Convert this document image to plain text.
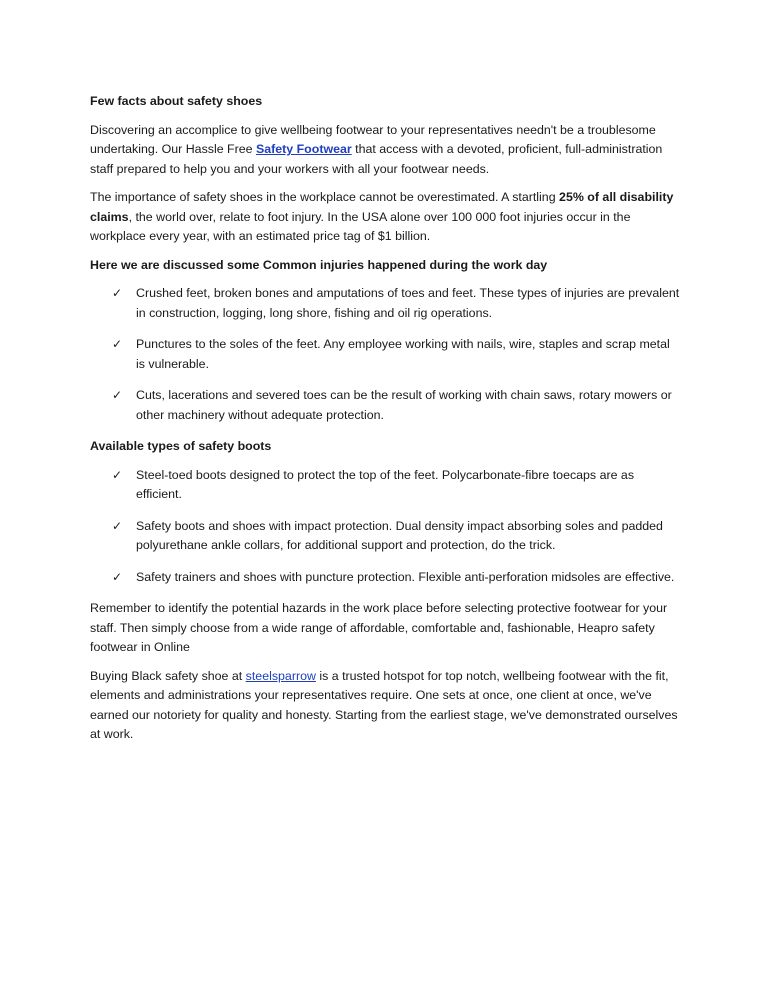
Few facts about safety shoes

Discovering an accomplice to give wellbeing footwear to your representatives needn't be a troublesome undertaking. Our Hassle Free Safety Footwear that access with a devoted, proficient, full-administration staff prepared to help you and your workers with all your footwear needs.

The importance of safety shoes in the workplace cannot be overestimated. A startling 25% of all disability claims, the world over, relate to foot injury. In the USA alone over 100 000 foot injuries occur in the workplace every year, with an estimated price tag of $1 billion.

Here we are discussed some Common injuries happened during the work day
✓ Crushed feet, broken bones and amputations of toes and feet. These types of injuries are prevalent in construction, logging, long shore, fishing and oil rig operations.
✓ Punctures to the soles of the feet. Any employee working with nails, wire, staples and scrap metal is vulnerable.
✓ Cuts, lacerations and severed toes can be the result of working with chain saws, rotary mowers or other machinery without adequate protection.
Available types of safety boots
✓ Steel-toed boots designed to protect the top of the feet. Polycarbonate-fibre toecaps are as efficient.
✓ Safety boots and shoes with impact protection. Dual density impact absorbing soles and padded polyurethane ankle collars, for additional support and protection, do the trick.
✓ Safety trainers and shoes with puncture protection. Flexible anti-perforation midsoles are effective.

Remember to identify the potential hazards in the work place before selecting protective footwear for your staff. Then simply choose from a wide range of affordable, comfortable and, fashionable, Heapro safety footwear in Online

Buying Black safety shoe at steelsparrow is a trusted hotspot for top notch, wellbeing footwear with the fit, elements and administrations your representatives require. One sets at once, one client at once, we've earned our notoriety for quality and honesty. Starting from the earliest stage, we've demonstrated ourselves at work.
